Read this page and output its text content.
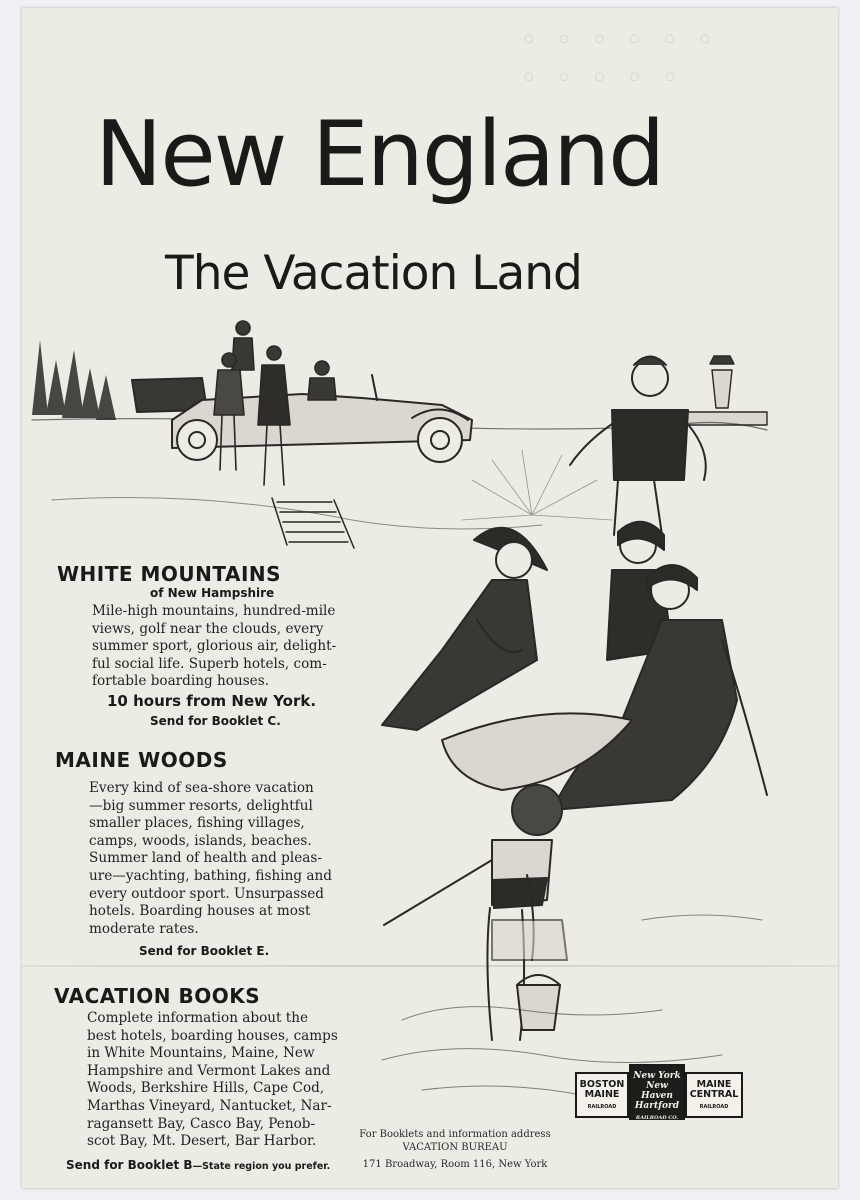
◦ ◦ ◦ ◦ ◦ ◦
◦ ◦ ◦ ◦ ◦
New England
The Vacation Land
WHITE MOUNTAINS
of New Hampshire
Mile-high mountains, hundred-mile
views, golf near the clouds, every
summer sport, glorious air, delight-
ful social life. Superb hotels, com-
fortable boarding houses.
10 hours from New York.
Send for Booklet C.
MAINE WOODS
Every kind of sea-shore vacation
—big summer resorts, delightful
smaller places, fishing villages,
camps, woods, islands, beaches.
Summer land of health and pleas-
ure—yachting, bathing, fishing and
every outdoor sport. Unsurpassed
hotels. Boarding houses at most
moderate rates.
Send for Booklet E.
VACATION BOOKS
Complete information about the
best hotels, boarding houses, camps
in White Mountains, Maine, New
Hampshire and Vermont Lakes and
Woods, Berkshire Hills, Cape Cod,
Marthas Vineyard, Nantucket, Nar-
ragansett Bay, Casco Bay, Penob-
scot Bay, Mt. Desert, Bar Harbor.
Send for Booklet B—State region you prefer.
For Booklets and information address
VACATION BUREAU
171 Broadway, Room 116, New York
BOSTON
MAINE
RAILROAD
New York
New Haven
Hartford
RAILROAD CO.
MAINE
CENTRAL
RAILROAD
